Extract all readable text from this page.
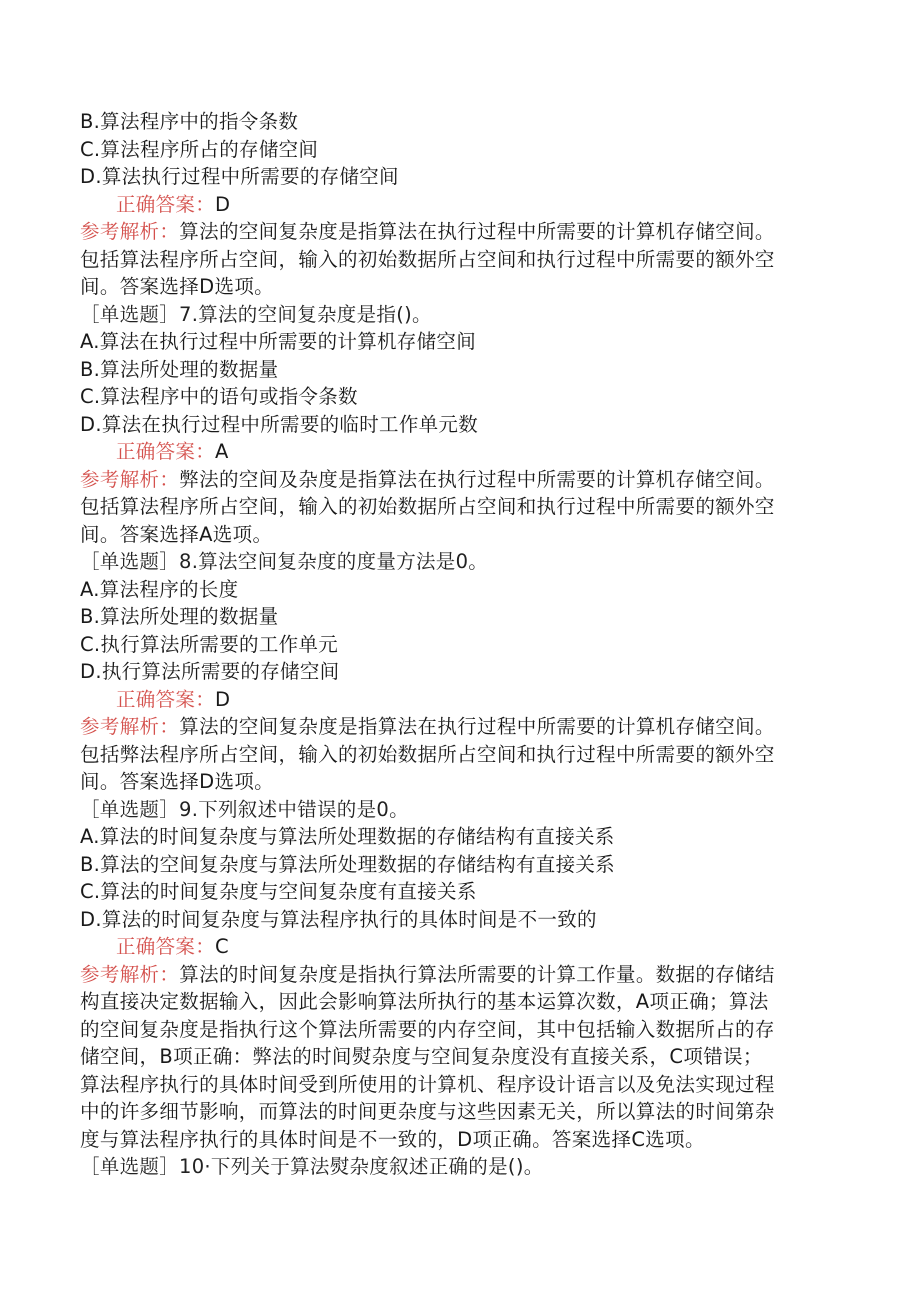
B.算法程序中的指令条数
C.算法程序所占的存储空间
D.算法执行过程中所需要的存储空间
正确答案：D
参考解析：算法的空间复杂度是指算法在执行过程中所需要的计算机存储空间。
包括算法程序所占空间，输入的初始数据所占空间和执行过程中所需要的额外空
间。答案选择D选项。
［单选题］7.算法的空间复杂度是指()。
A.算法在执行过程中所需要的计算机存储空间
B.算法所处理的数据量
C.算法程序中的语句或指令条数
D.算法在执行过程中所需要的临时工作单元数
正确答案：A
参考解析：弊法的空间及杂度是指算法在执行过程中所需要的计算机存储空间。
包括算法程序所占空间，输入的初始数据所占空间和执行过程中所需要的额外空
间。答案选择A选项。
［单选题］8.算法空间复杂度的度量方法是0。
A.算法程序的长度
B.算法所处理的数据量
C.执行算法所需要的工作单元
D.执行算法所需要的存储空间
正确答案：D
参考解析：算法的空间复杂度是指算法在执行过程中所需要的计算机存储空间。
包括弊法程序所占空间，输入的初始数据所占空间和执行过程中所需要的额外空
间。答案选择D选项。
［单选题］9.下列叙述中错误的是0。
A.算法的时间复杂度与算法所处理数据的存储结构有直接关系
B.算法的空间复杂度与算法所处理数据的存储结构有直接关系
C.算法的时间复杂度与空间复杂度有直接关系
D.算法的时间复杂度与算法程序执行的具体时间是不一致的
正确答案：C
参考解析：算法的时间复杂度是指执行算法所需要的计算工作量。数据的存储结
构直接决定数据输入，因此会影响算法所执行的基本运算次数，A项正确；算法
的空间复杂度是指执行这个算法所需要的内存空间，其中包括输入数据所占的存
储空间，B项正确：弊法的时间熨杂度与空间复杂度没有直接关系，C项错误；
算法程序执行的具体时间受到所使用的计算机、程序设计语言以及免法实现过程
中的许多细节影响，而算法的时间更杂度与这些因素无关，所以算法的时间第杂
度与算法程序执行的具体时间是不一致的，D项正确。答案选择C选项。
［单选题］10·下列关于算法熨杂度叙述正确的是()。
